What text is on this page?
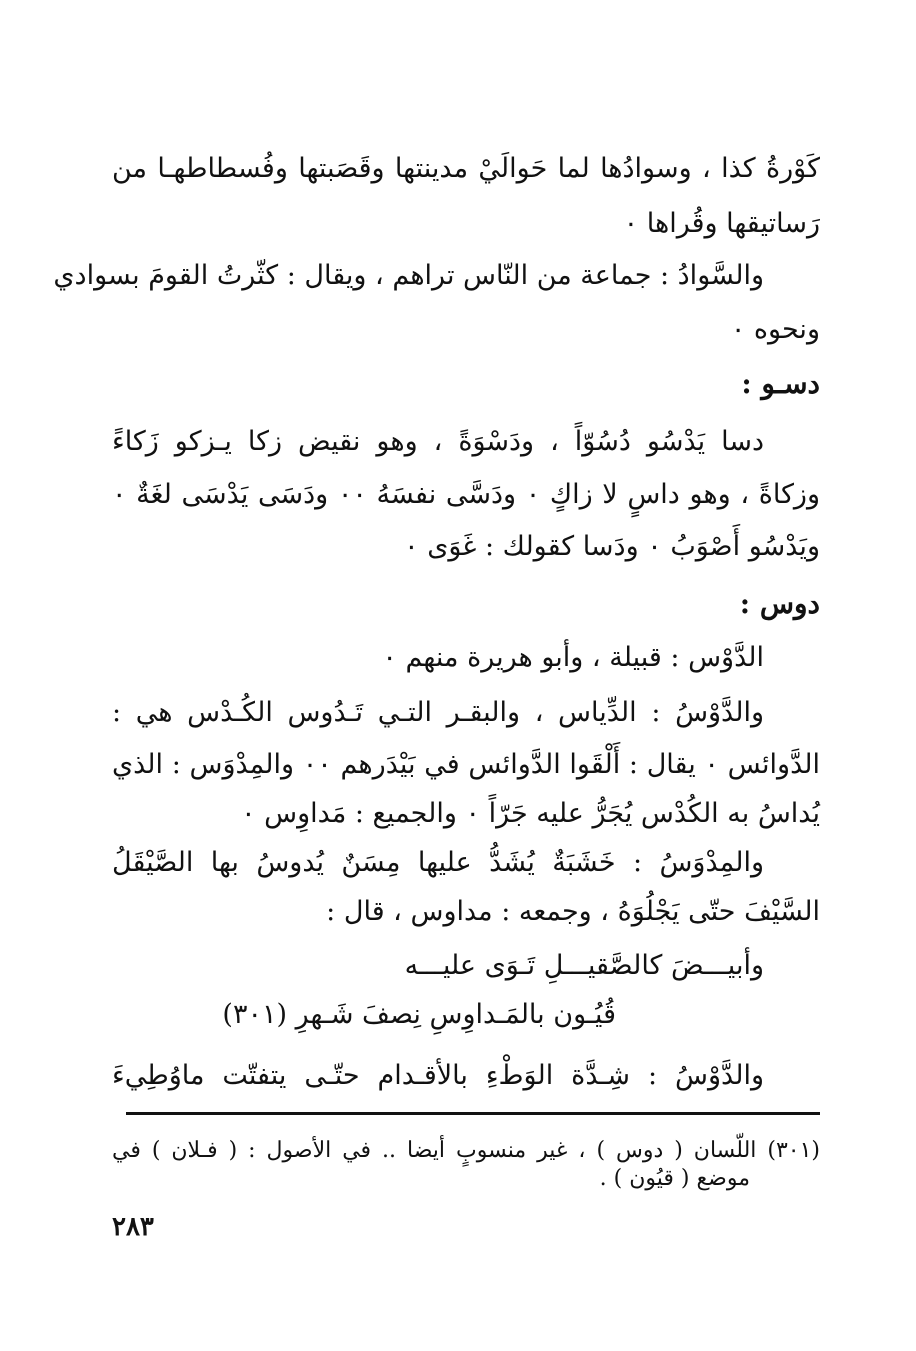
كَوْرةُ كذا ، وسوادُها لما حَوالَيْ مدينتها وقَصَبتها وفُسطاطهـا من
رَساتيقها وقُراها ٠
والسَّوادُ : جماعة من النّاس تراهم ، ويقال : كثّرتُ القومَ بسوادي
ونحوه ٠
دسـو :
دسا يَدْسُو دُسُوّاً ، ودَسْوَةً ، وهو نقيض زكا يـزكو زَكاءً
وزكاةً ، وهو داسٍ لا زاكٍ ٠ ودَسَّى نفسَهُ ٠٠ ودَسَى يَدْسَى لغَةٌ ٠
ويَدْسُو أَصْوَبُ ٠ ودَسا كقولك : غَوَى ٠
دوس :
الدَّوْس : قبيلة ، وأبو هريرة منهم ٠
والدَّوْسُ : الدِّياس ، والبقـر التـي تَـدُوس الكُـدْس هي :
الدَّوائس ٠ يقال : أَلْقَوا الدَّوائس في بَيْدَرهم ٠٠ والمِدْوَس : الذي
يُداسُ به الكُدْس يُجَرُّ عليه جَرّاً ٠ والجميع : مَداوِس ٠
والمِدْوَسُ : خَشَبَةٌ يُشَدُّ عليها مِسَنٌ يُدوسُ بها الصَّيْقَلُ
السَّيْفَ حتّى يَجْلُوَهُ ، وجمعه : مداوس ، قال :
وأبيـــضَ كالصَّقيـــلِ تَـوَى عليـــه
قُيُـون بالمَـداوِسِ نِصفَ شَـهرِ (٣٠١)
والدَّوْسُ : شِـدَّة الوَطْءِ بالأقـدام حتّـى يتفتّت ماوُطِيءَ
(٣٠١) اللّسان ( دوس ) ، غير منسوبٍ أيضا .. في الأصول : ( فـلان ) في
موضع ( قيُون ) .
٢٨٣
